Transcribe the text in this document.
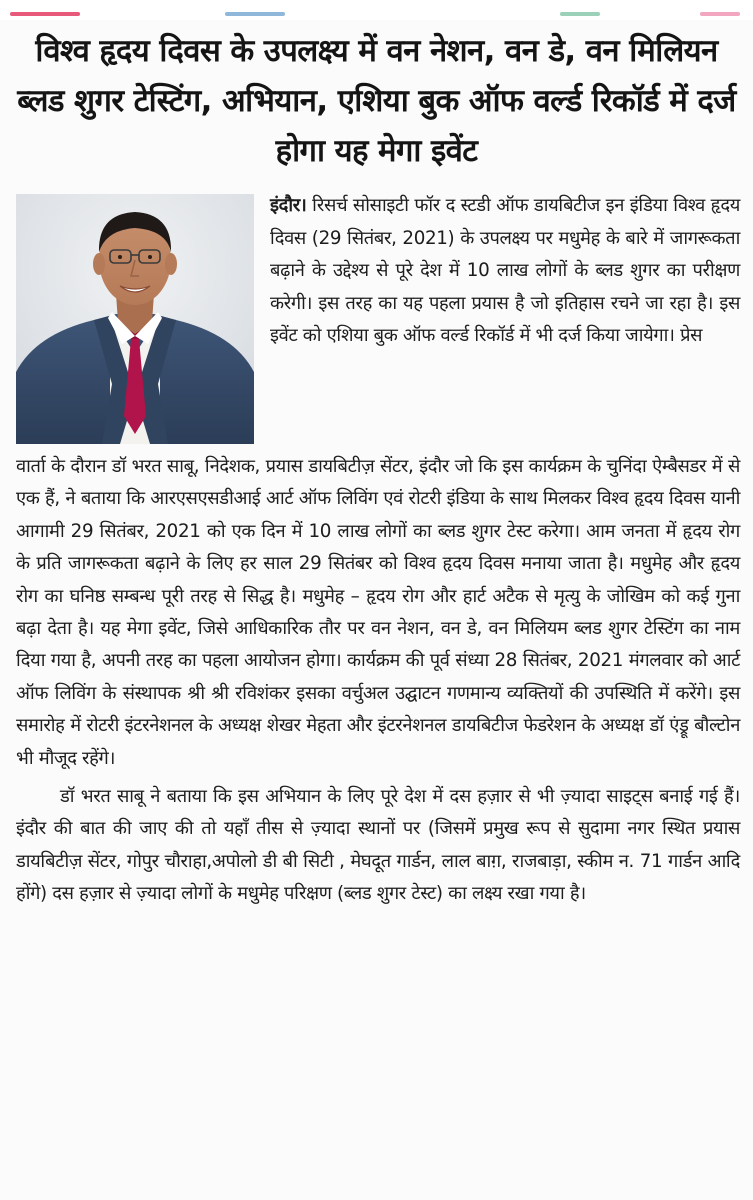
विश्व हृदय दिवस के उपलक्ष्य में वन नेशन, वन डे, वन मिलियन ब्लड शुगर टेस्टिंग, अभियान, एशिया बुक ऑफ वर्ल्ड रिकॉर्ड में दर्ज होगा यह मेगा इवेंट

इंदौर। रिसर्च सोसाइटी फॉर द स्टडी ऑफ डायबिटीज इन इंडिया विश्व हृदय दिवस (29 सितंबर, 2021) के उपलक्ष्य पर मधुमेह के बारे में जागरूकता बढ़ाने के उद्देश्य से पूरे देश में 10 लाख लोगों के ब्लड शुगर का परीक्षण करेगी। इस तरह का यह पहला प्रयास है जो इतिहास रचने जा रहा है। इस इवेंट को एशिया बुक ऑफ वर्ल्ड रिकॉर्ड में भी दर्ज किया जायेगा। प्रेस

वार्ता के दौरान डॉ भरत साबू, निदेशक, प्रयास डायबिटीज़ सेंटर, इंदौर जो कि इस कार्यक्रम के चुनिंदा ऐम्बैसडर में से एक हैं, ने बताया कि आरएसएसडीआई आर्ट ऑफ लिविंग एवं रोटरी इंडिया के साथ मिलकर विश्व हृदय दिवस यानी आगामी 29 सितंबर, 2021 को एक दिन में 10 लाख लोगों का ब्लड शुगर टेस्ट करेगा। आम जनता में हृदय रोग के प्रति जागरूकता बढ़ाने के लिए हर साल 29 सितंबर को विश्व हृदय दिवस मनाया जाता है। मधुमेह और हृदय रोग का घनिष्ठ सम्बन्ध पूरी तरह से सिद्ध है। मधुमेह – हृदय रोग और हार्ट अटैक से मृत्यु के जोखिम को कई गुना बढ़ा देता है। यह मेगा इवेंट, जिसे आधिकारिक तौर पर वन नेशन, वन डे, वन मिलियम ब्लड शुगर टेस्टिंग का नाम दिया गया है, अपनी तरह का पहला आयोजन होगा। कार्यक्रम की पूर्व संध्या 28 सितंबर, 2021 मंगलवार को आर्ट ऑफ लिविंग के संस्थापक श्री श्री रविशंकर इसका वर्चुअल उद्घाटन गणमान्य व्यक्तियों की उपस्थिति में करेंगे। इस समारोह में रोटरी इंटरनेशनल के अध्यक्ष शेखर मेहता और इंटरनेशनल डायबिटीज फेडरेशन के अध्यक्ष डॉ एंड्रू बौल्टोन भी मौजूद रहेंगे।

डॉ भरत साबू ने बताया कि इस अभियान के लिए पूरे देश में दस हज़ार से भी ज़्यादा साइट्स बनाई गई हैं। इंदौर की बात की जाए की तो यहाँ तीस से ज़्यादा स्थानों पर (जिसमें प्रमुख रूप से सुदामा नगर स्थित प्रयास डायबिटीज़ सेंटर, गोपुर चौराहा,अपोलो डी बी सिटी , मेघदूत गार्डन, लाल बाग़, राजबाड़ा, स्कीम न. 71 गार्डन आदि होंगे) दस हज़ार से ज़्यादा लोगों के मधुमेह परिक्षण (ब्लड शुगर टेस्ट) का लक्ष्य रखा गया है।
